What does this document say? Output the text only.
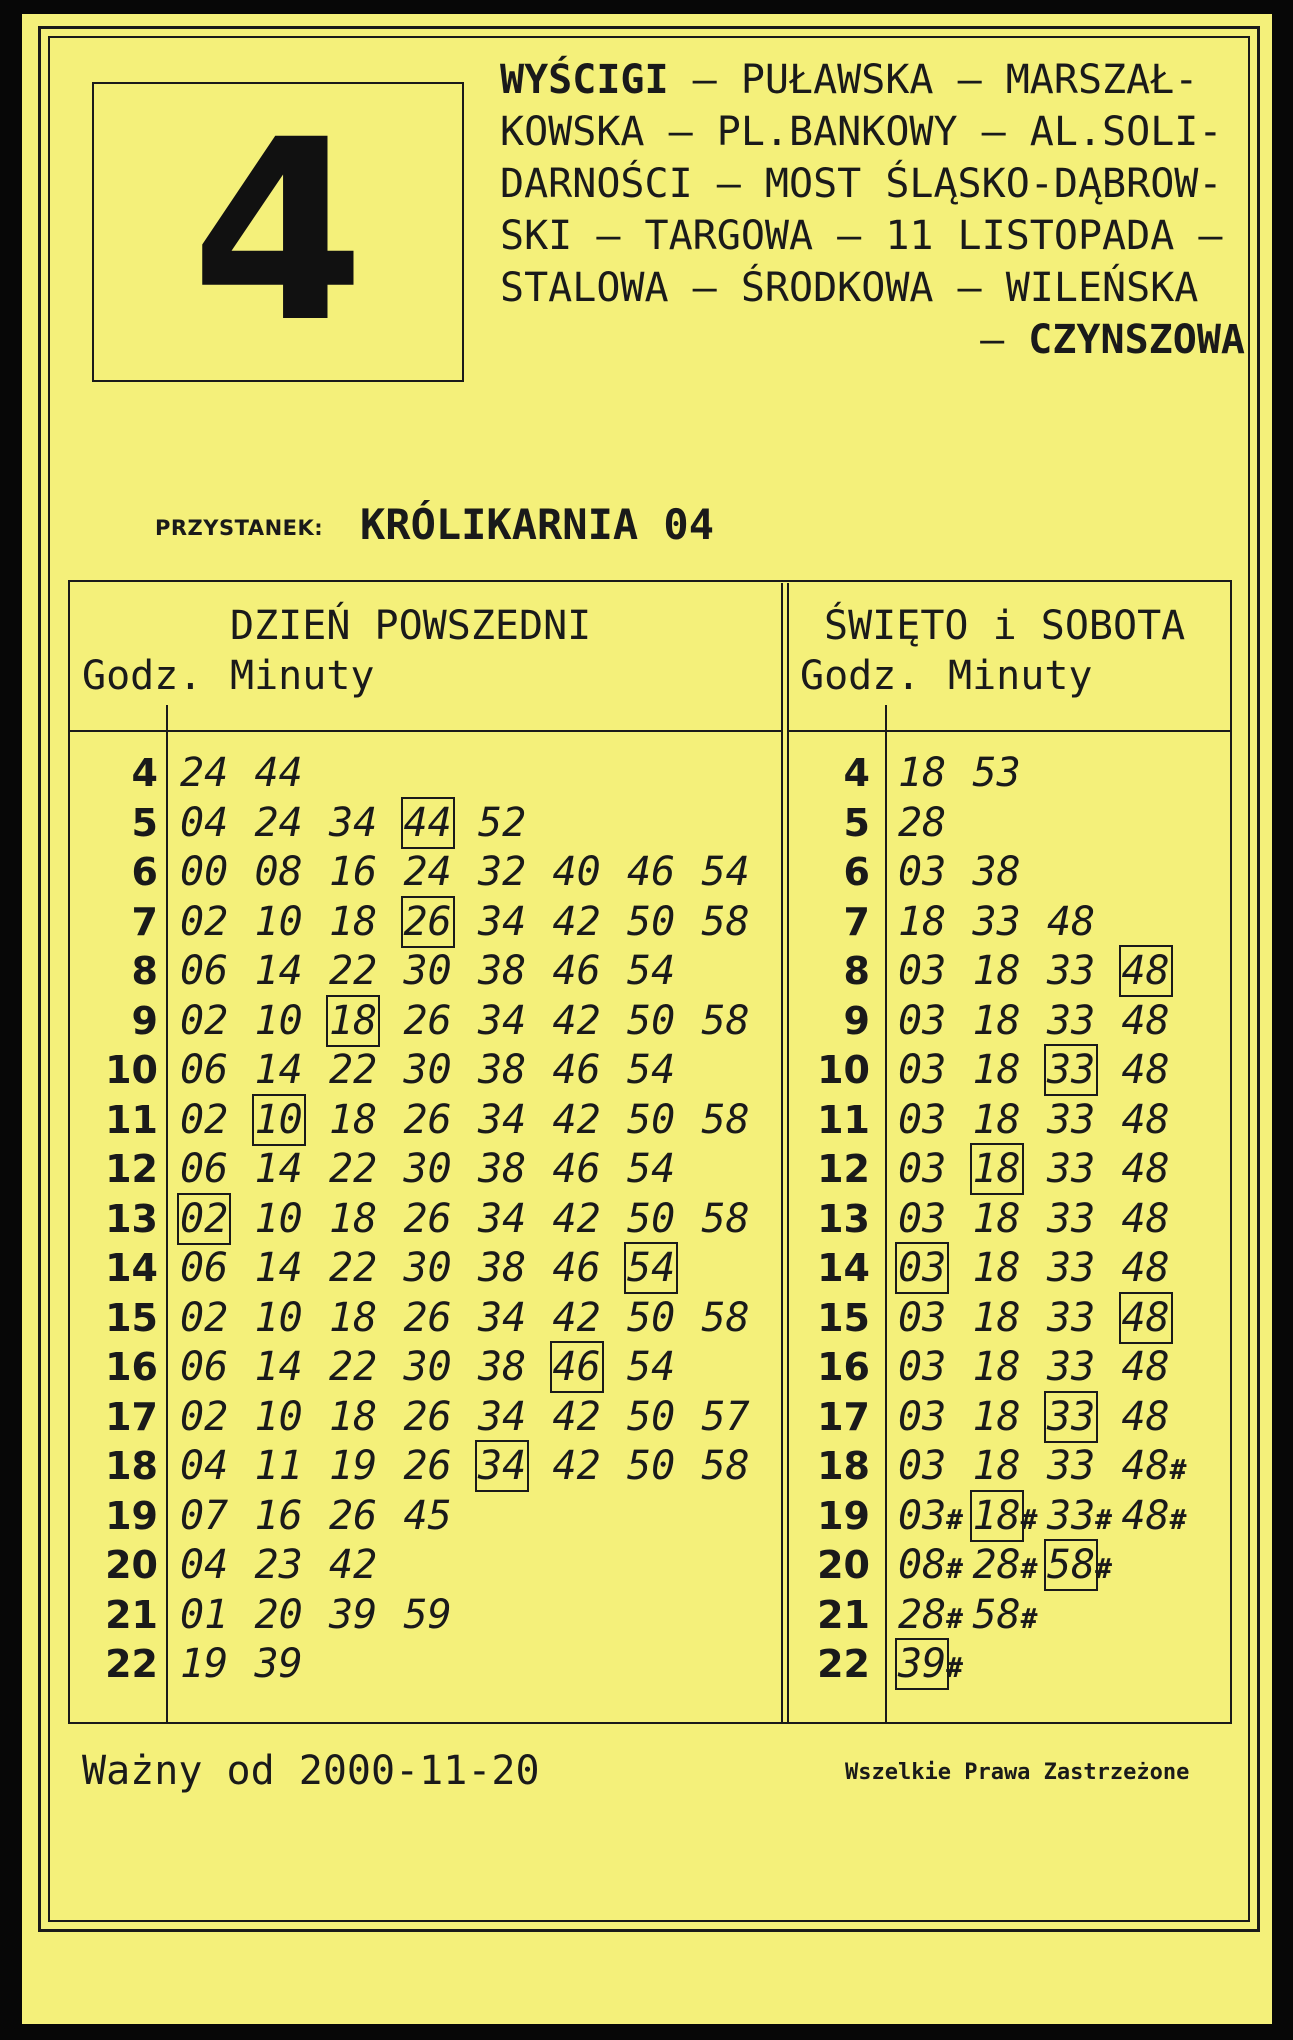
4
WYŚCIGI – PUŁAWSKA – MARSZAŁ-
KOWSKA – PL.BANKOWY – AL.SOLI-
DARNOŚCI – MOST ŚLĄSKO-DĄBROW-
SKI – TARGOWA – 11 LISTOPADA –
STALOWA – ŚRODKOWA – WILEŃSKA
– CZYNSZOWA
PRZYSTANEK: KRÓLIKARNIA 04
DZIEŃ POWSZEDNI
Godz. Minuty
ŚWIĘTO i SOBOTA
Godz. Minuty
4 24 44
5 04 24 34 44 52
6 00 08 16 24 32 40 46 54
7 02 10 18 26 34 42 50 58
8 06 14 22 30 38 46 54
9 02 10 18 26 34 42 50 58
10 06 14 22 30 38 46 54
11 02 10 18 26 34 42 50 58
12 06 14 22 30 38 46 54
13 02 10 18 26 34 42 50 58
14 06 14 22 30 38 46 54
15 02 10 18 26 34 42 50 58
16 06 14 22 30 38 46 54
17 02 10 18 26 34 42 50 57
18 04 11 19 26 34 42 50 58
19 07 16 26 45
20 04 23 42
21 01 20 39 59
22 19 39
4 18 53
5 28
6 03 38
7 18 33 48
8 03 18 33 48
9 03 18 33 48
10 03 18 33 48
11 03 18 33 48
12 03 18 33 48
13 03 18 33 48
14 03 18 33 48
15 03 18 33 48
16 03 18 33 48
17 03 18 33 48
18 03 18 33 48#
19 03# 18# 33# 48#
20 08# 28# 58#
21 28# 58#
22 39#
Ważny od 2000-11-20	Wszelkie Prawa Zastrzeżone
